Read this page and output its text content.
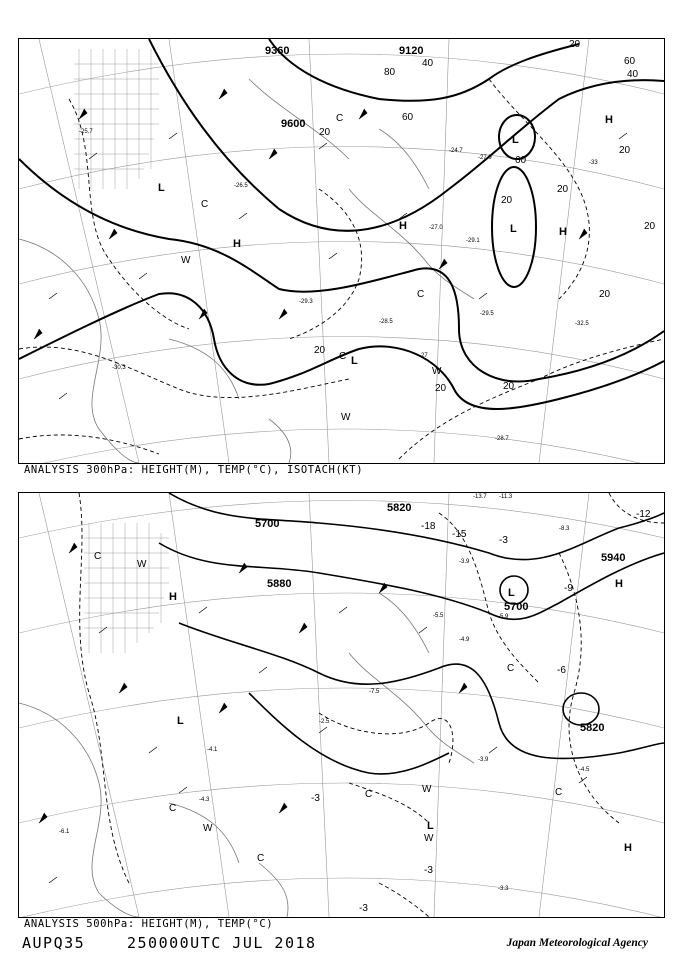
9360	9120
9600
20
40
60
80
20
20
20
20
20
20
20
20	20
60
40
60	H
H
H
H
L
L
L
L
W
W
W
C
C
C
C
-25.7
-27.9
-29.1
-28.5
-29.5
-32.5
-28.7
-24.7
-27.0
-26.5
-30.3
-33
-27
-29.3
ANALYSIS 300hPa: HEIGHT(M), TEMP(°C), ISOTACH(KT)
5700
5820
5940
5700
5820
5880
-12
-15
-18
-9
-6
-3
-3
-3
-3
H
H
H
L
L
L
W
W
W
W
C
C
C	C
C
C
-4.3
-5.5
-3.9
-5.9
-4.5
-3.9
-4.1
-3.3
-13.7 -11.3
-8.3
-4.9
-2.5
-7.5
-6.1
ANALYSIS 500hPa: HEIGHT(M), TEMP(°C)
AUPQ35	250000UTC JUL 2018	Japan Meteorological Agency
